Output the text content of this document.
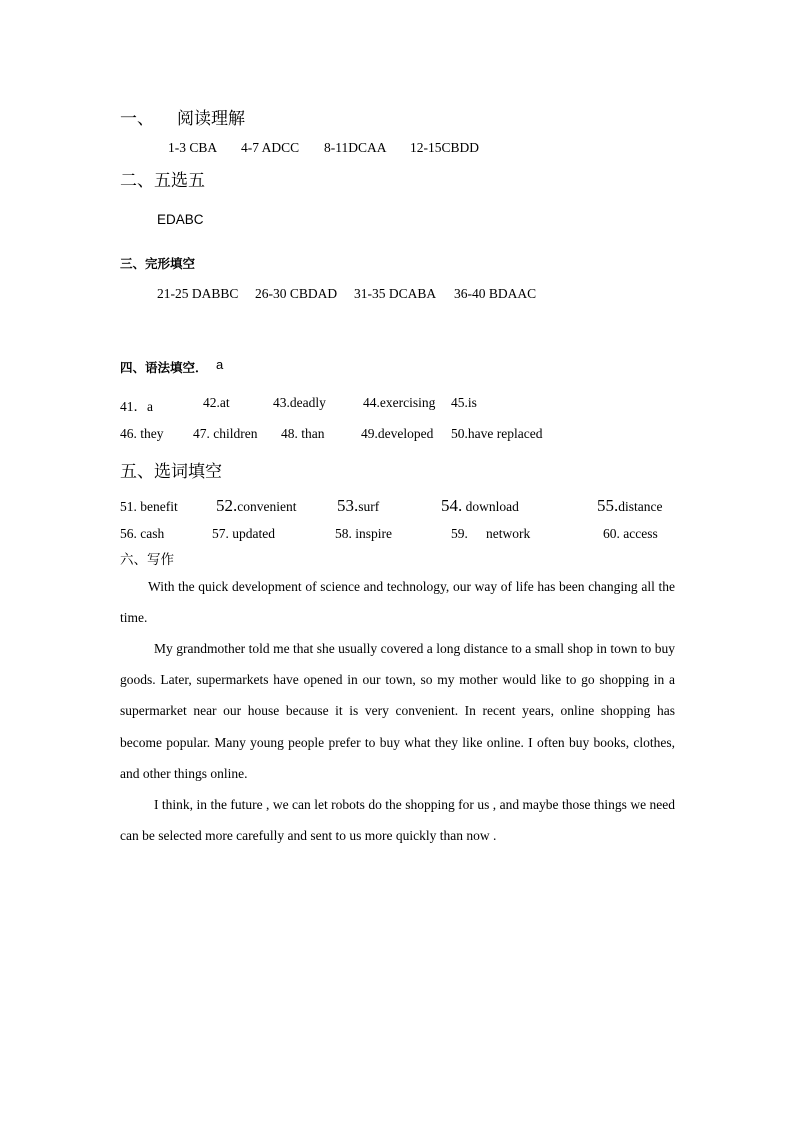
一、 阅读理解
1-3 CBA 4-7 ADCC 8-11DCAA 12-15CBDD
二、五选五
EDABC
三、完形填空
21-25 DABBC 26-30 CBDAD 31-35 DCABA 36-40 BDAAC
四、语法填空． a
41．a	42.at	43.deadly	44.exercising 45.is
46. they 47. children 48. than	49.developed 50.have replaced
五、选词填空
51. benefit 52.convenient 53.surf	54. download	55.distance
56. cash	57. updated	58. inspire	59. network	60. access
六、写作

With the quick development of science and technology, our way of life has been changing all the time.

My grandmother told me that she usually covered a long distance to a small shop in town to buy goods. Later, supermarkets have opened in our town, so my mother would like to go shopping in a supermarket near our house because it is very convenient. In recent years, online shopping has become popular. Many young people prefer to buy what they like online. I often buy books, clothes, and other things online.

I think, in the future , we can let robots do the shopping for us , and maybe those things we need can be selected more carefully and sent to us more quickly than now .
